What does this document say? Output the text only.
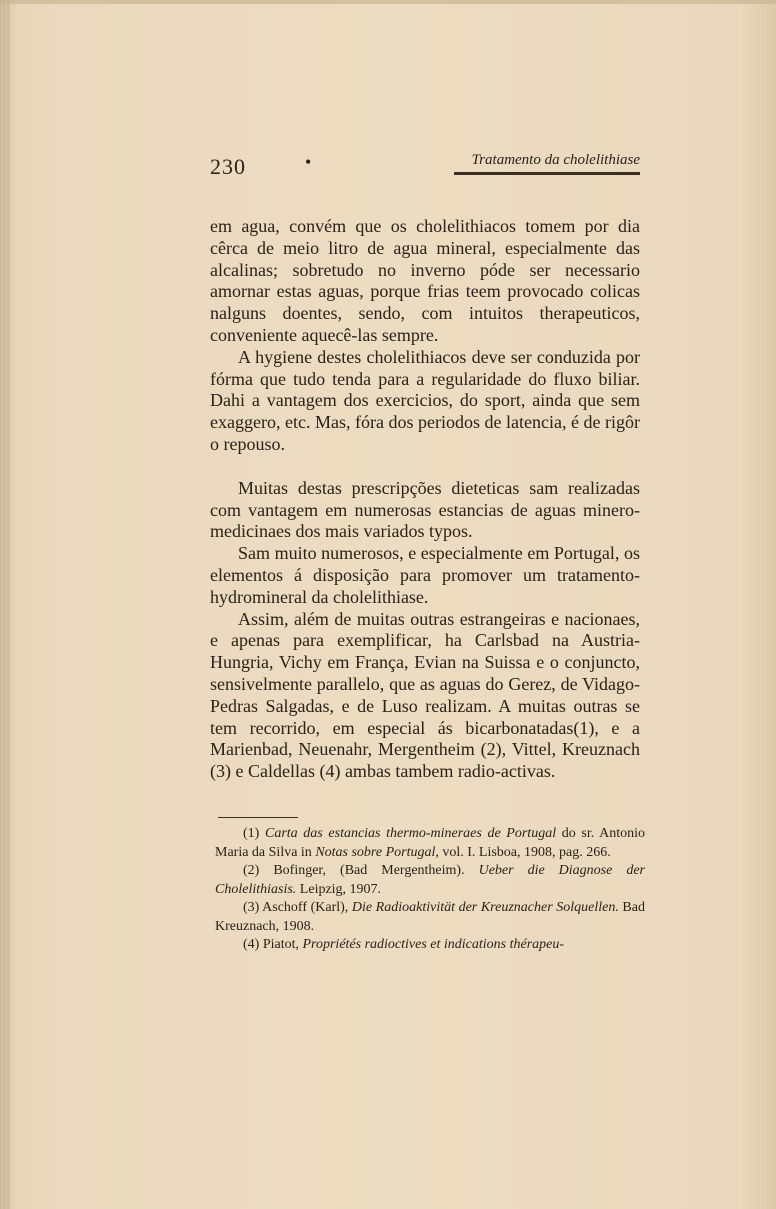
230	•	Tratamento da cholelithiase

em agua, convém que os cholelithiacos tomem por dia cêrca de meio litro de agua mineral, especialmente das alcalinas; sobretudo no inverno póde ser necessario amornar estas aguas, porque frias teem provocado colicas nalguns doentes, sendo, com intuitos therapeuticos, conveniente aquecê-las sempre.

A hygiene destes cholelithiacos deve ser conduzida por fórma que tudo tenda para a regularidade do fluxo biliar. Dahi a vantagem dos exercicios, do sport, ainda que sem exaggero, etc. Mas, fóra dos periodos de latencia, é de rigôr o repouso.

Muitas destas prescripções dieteticas sam realizadas com vantagem em numerosas estancias de aguas minero-medicinaes dos mais variados typos.

Sam muito numerosos, e especialmente em Portugal, os elementos á disposição para promover um tratamento-hydromineral da cholelithiase.

Assim, além de muitas outras estrangeiras e nacionaes, e apenas para exemplificar, ha Carlsbad na Austria-Hungria, Vichy em França, Evian na Suissa e o conjuncto, sensivelmente parallelo, que as aguas do Gerez, de Vidago-Pedras Salgadas, e de Luso realizam. A muitas outras se tem recorrido, em especial ás bicarbonatadas(1), e a Marienbad, Neuenahr, Mergentheim (2), Vittel, Kreuznach (3) e Caldellas (4) ambas tambem radio-activas.

(1) Carta das estancias thermo-mineraes de Portugal do sr. Antonio Maria da Silva in Notas sobre Portugal, vol. I. Lisboa, 1908, pag. 266.

(2) Bofinger, (Bad Mergentheim). Ueber die Diagnose der Cholelithiasis. Leipzig, 1907.

(3) Aschoff (Karl), Die Radioaktivität der Kreuznacher Solquellen. Bad Kreuznach, 1908.

(4) Piatot, Propriétés radioctives et indications thérapeu-
